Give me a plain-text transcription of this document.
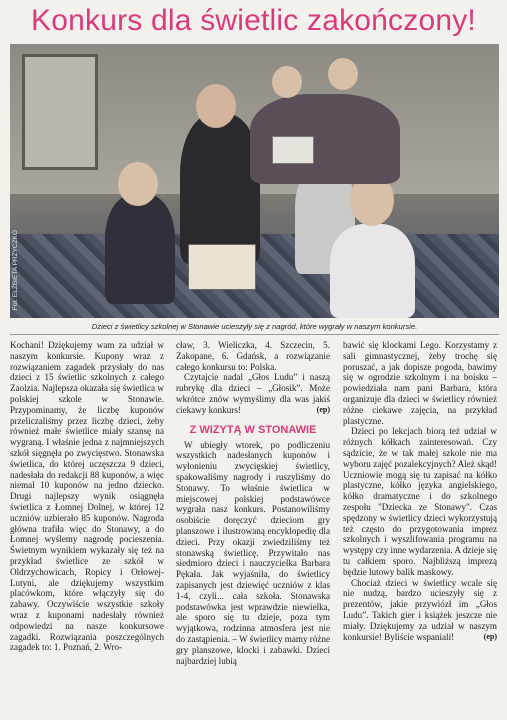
Konkurs dla świetlic zakończony!
Fot. ELŻBIETA PRZYCZKO
Dzieci z świetlicy szkolnej w Stonawie ucieszyły się z nagród, które wygrały w naszym konkursie.

Kochani! Dziękujemy wam za udział w naszym konkursie. Kupony wraz z rozwiązaniem zagadek przysłały do nas dzieci z 15 świetlic szkolnych z całego Zaolzia. Najlepsza okazała się świetlica w polskiej szkole w Stonawie. Przypominamy, że liczbę kuponów przeliczaliśmy przez liczbę dzieci, żeby również małe świetlice miały szansę na wygraną. I właśnie jedna z najmniejszych szkół sięgnęła po zwycięstwo. Stonawska świetlica, do której uczęszcza 9 dzieci, nadesłała do redakcji 88 kuponów, a więc niemal 10 kuponów na jedno dziecko. Drugi najlepszy wynik osiągnęła świetlica z Łomnej Dolnej, w której 12 uczniów uzbierało 85 kuponów. Nagroda główna trafiła więc do Stonawy, a do Łomnej wyślemy nagrodę pocieszenia. Świetnym wynikiem wykazały się też na przykład świetlice ze szkół w Oldrzychowicach, Ropicy i Orłowej-Lutyni, ale dziękujemy wszystkim placówkom, które włączyły się do zabawy. Oczywiście wszystkie szkoły wraz z kuponami nadesłały również odpowiedzi na nasze konkursowe zagadki. Rozwiązania poszczególnych zagadek to: 1. Poznań, 2. Wro-

cław, 3. Wieliczka, 4. Szczecin, 5. Zakopane, 6. Gdańsk, a rozwiązanie całego konkursu to: Polska.

Czytajcie nadal „Głos Ludu” i naszą rubrykę dla dzieci – „Głosik”. Może wkrótce znów wymyślimy dla was jakiś ciekawy konkurs!	(ep)

Z WIZYTĄ W STONAWIE

W ubiegły wtorek, po podliczeniu wszystkich nadesłanych kuponów i wyłonieniu zwycięskiej świetlicy, spakowaliśmy nagrody i ruszyliśmy do Stonawy. To właśnie świetlica w miejscowej polskiej podstawówce wygrała nasz konkurs. Postanowiliśmy osobiście doręczyć dzieciom gry planszowe i ilustrowaną encyklopedię dla dzieci. Przy okazji zwiedziliśmy też stonawską świetlicę. Przywitało nas siedmioro dzieci i nauczycielka Barbara Pękała. Jak wyjaśniła, do świetlicy zapisanych jest dziewięć uczniów z klas 1-4, czyli... cała szkoła. Stonawska podstawówka jest wprawdzie niewielka, ale sporo się tu dzieje, poza tym wyjątkowa, rodzinna atmosfera jest nie do zastąpienia. – W świetlicy mamy różne gry planszowe, klocki i zabawki. Dzieci najbardziej lubią

bawić się klockami Lego. Korzystamy z sali gimnastycznej, żeby trochę się poruszać, a jak dopisze pogoda, bawimy się w ogrodzie szkolnym i na boisku – powiedziała nam pani Barbara, która organizuje dla dzieci w świetlicy również różne ciekawe zajęcia, na przykład plastyczne.

Dzieci po lekcjach biorą też udział w różnych kółkach zainteresowań. Czy sądzicie, że w tak małej szkole nie ma wyboru zajęć pozalekcyjnych? Ależ skąd! Uczniowie mogą się tu zapisać na kółko plastyczne, kółko języka angielskiego, kółko dramatyczne i do szkolnego zespołu "Dziecka ze Stonawy". Czas spędzony w świetlicy dzieci wykorzystują też często do przygotowania imprez szkolnych i wyszlifowania programu na występy czy inne wydarzenia. A dzieje się tu całkiem sporo. Najbliższą imprezą będzie lutowy balik maskowy.

Chociaż dzieci w świetlicy wcale się nie nudzą, bardzo ucieszyły się z prezentów, jakie przywiózł im „Głos Ludu”. Takich gier i książek jeszcze nie miały. Dziękujemy za udział w naszym konkursie! Byliście wspaniali!	(ep)
